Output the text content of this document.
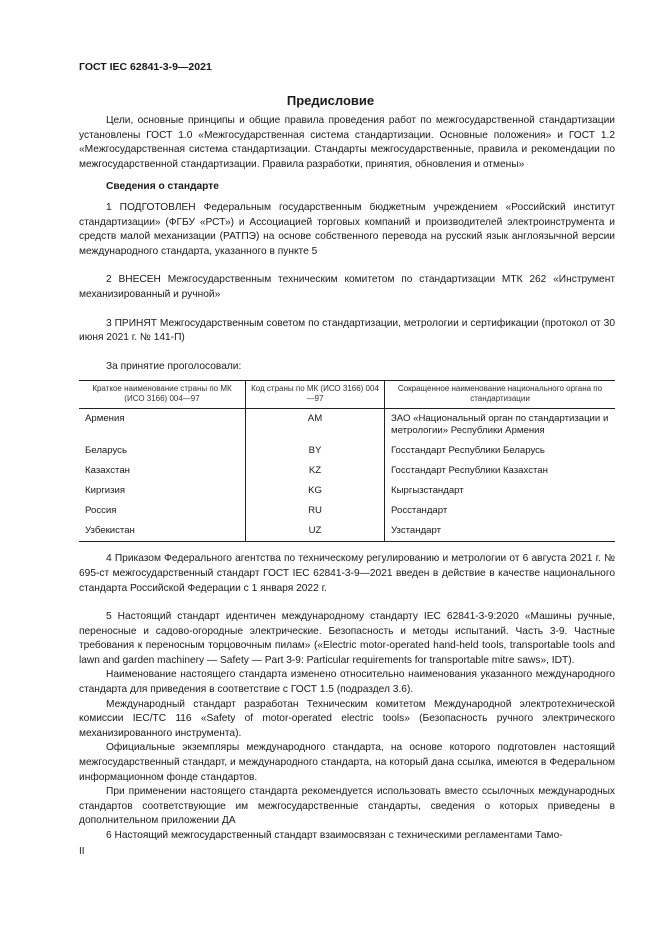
ГОСТ IEC 62841-3-9—2021
Предисловие

Цели, основные принципы и общие правила проведения работ по межгосударственной стандартизации установлены ГОСТ 1.0 «Межгосударственная система стандартизации. Основные положения» и ГОСТ 1.2 «Межгосударственная система стандартизации. Стандарты межгосударственные, правила и рекомендации по межгосударственной стандартизации. Правила разработки, принятия, обновления и отмены»

Сведения о стандарте

1 ПОДГОТОВЛЕН Федеральным государственным бюджетным учреждением «Российский институт стандартизации» (ФГБУ «РСТ») и Ассоциацией торговых компаний и производителей электроинструмента и средств малой механизации (РАТПЭ) на основе собственного перевода на русский язык англоязычной версии международного стандарта, указанного в пункте 5

2 ВНЕСЕН Межгосударственным техническим комитетом по стандартизации МТК 262 «Инструмент механизированный и ручной»

3 ПРИНЯТ Межгосударственным советом по стандартизации, метрологии и сертификации (протокол от 30 июня 2021 г. № 141-П)

За принятие проголосовали:

Краткое наименование страны по МК (ИСО 3166) 004—97	Код страны по МК (ИСО 3166) 004—97	Сокращенное наименование национального органа по стандартизации
Армения	AM	ЗАО «Национальный орган по стандартизации и метрологии» Республики Армения
Беларусь	BY	Госстандарт Республики Беларусь
Казахстан	KZ	Госстандарт Республики Казахстан
Киргизия	KG	Кыргызстандарт
Россия	RU	Росстандарт
Узбекистан	UZ	Узстандарт

4 Приказом Федерального агентства по техническому регулированию и метрологии от 6 августа 2021 г. № 695-ст межгосударственный стандарт ГОСТ IEC 62841-3-9—2021 введен в действие в качестве национального стандарта Российской Федерации с 1 января 2022 г.

5 Настоящий стандарт идентичен международному стандарту IEC 62841-3-9:2020 «Машины ручные, переносные и садово-огородные электрические. Безопасность и методы испытаний. Часть 3-9. Частные требования к переносным торцовочным пилам» («Electric motor-operated hand-held tools, transportable tools and lawn and garden machinery — Safety — Part 3-9: Particular requirements for transportable mitre saws», IDT).

Наименование настоящего стандарта изменено относительно наименования указанного международного стандарта для приведения в соответствие с ГОСТ 1.5 (подраздел 3.6).

Международный стандарт разработан Техническим комитетом Международной электротехнической комиссии IEC/TC 116 «Safety of motor-operated electric tools» (Безопасность ручного электрического механизированного инструмента).

Официальные экземпляры международного стандарта, на основе которого подготовлен настоящий межгосударственный стандарт, и международного стандарта, на который дана ссылка, имеются в Федеральном информационном фонде стандартов.

При применении настоящего стандарта рекомендуется использовать вместо ссылочных международных стандартов соответствующие им межгосударственные стандарты, сведения о которых приведены в дополнительном приложении ДА

6 Настоящий межгосударственный стандарт взаимосвязан с техническими регламентами Тамо-

II
